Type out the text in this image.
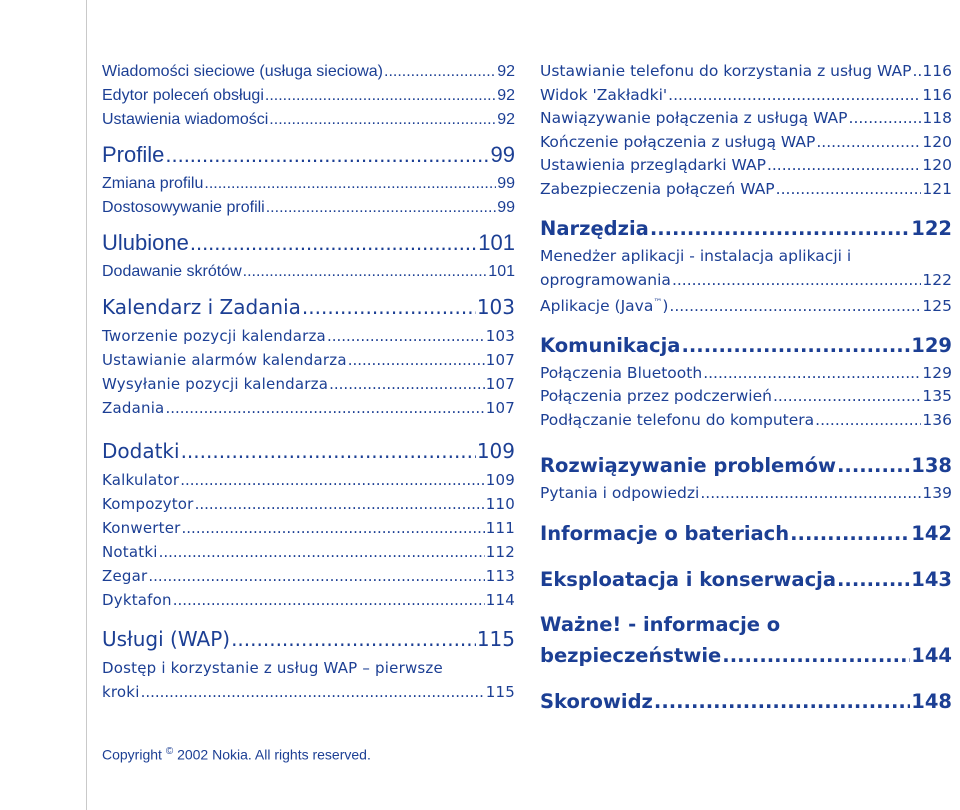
Wiadomości sieciowe (usługa sieciowa) .....	92
Edytor poleceń obsługi .....	92
Ustawienia wiadomości .....	92
Profile .....	99
Zmiana profilu .....	99
Dostosowywanie profili .....	99
Ulubione .....	101
Dodawanie skrótów .....	101
Kalendarz i Zadania .....	103
Tworzenie pozycji kalendarza .....	103
Ustawianie alarmów kalendarza .....	107
Wysyłanie pozycji kalendarza .....	107
Zadania .....	107
Dodatki .....	109
Kalkulator .....	109
Kompozytor .....	110
Konwerter .....	111
Notatki .....	112
Zegar .....	113
Dyktafon .....	114
Usługi (WAP) .....	115
Dostęp i korzystanie z usług WAP – pierwsze
kroki .....	115
Ustawianie telefonu do korzystania z usług WAP ..... 116
Widok 'Zakładki' .....	116
Nawiązywanie połączenia z usługą WAP .....	118
Kończenie połączenia z usługą WAP .....	120
Ustawienia przeglądarki WAP .....	120
Zabezpieczenia połączeń WAP .....	121
Narzędzia .....	122
Menedżer aplikacji - instalacja aplikacji i
oprogramowania .....	122
Aplikacje (Java™) .....	125
Komunikacja .....	129
Połączenia Bluetooth .....	129
Połączenia przez podczerwień .....	135
Podłączanie telefonu do komputera .....	136
Rozwiązywanie problemów .....	138
Pytania i odpowiedzi .....	139
Informacje o bateriach .....	142
Eksploatacja i konserwacja .....	143
Ważne! - informacje o
bezpieczeństwie .....	144
Skorowidz .....	148
Copyright © 2002 Nokia. All rights reserved.
